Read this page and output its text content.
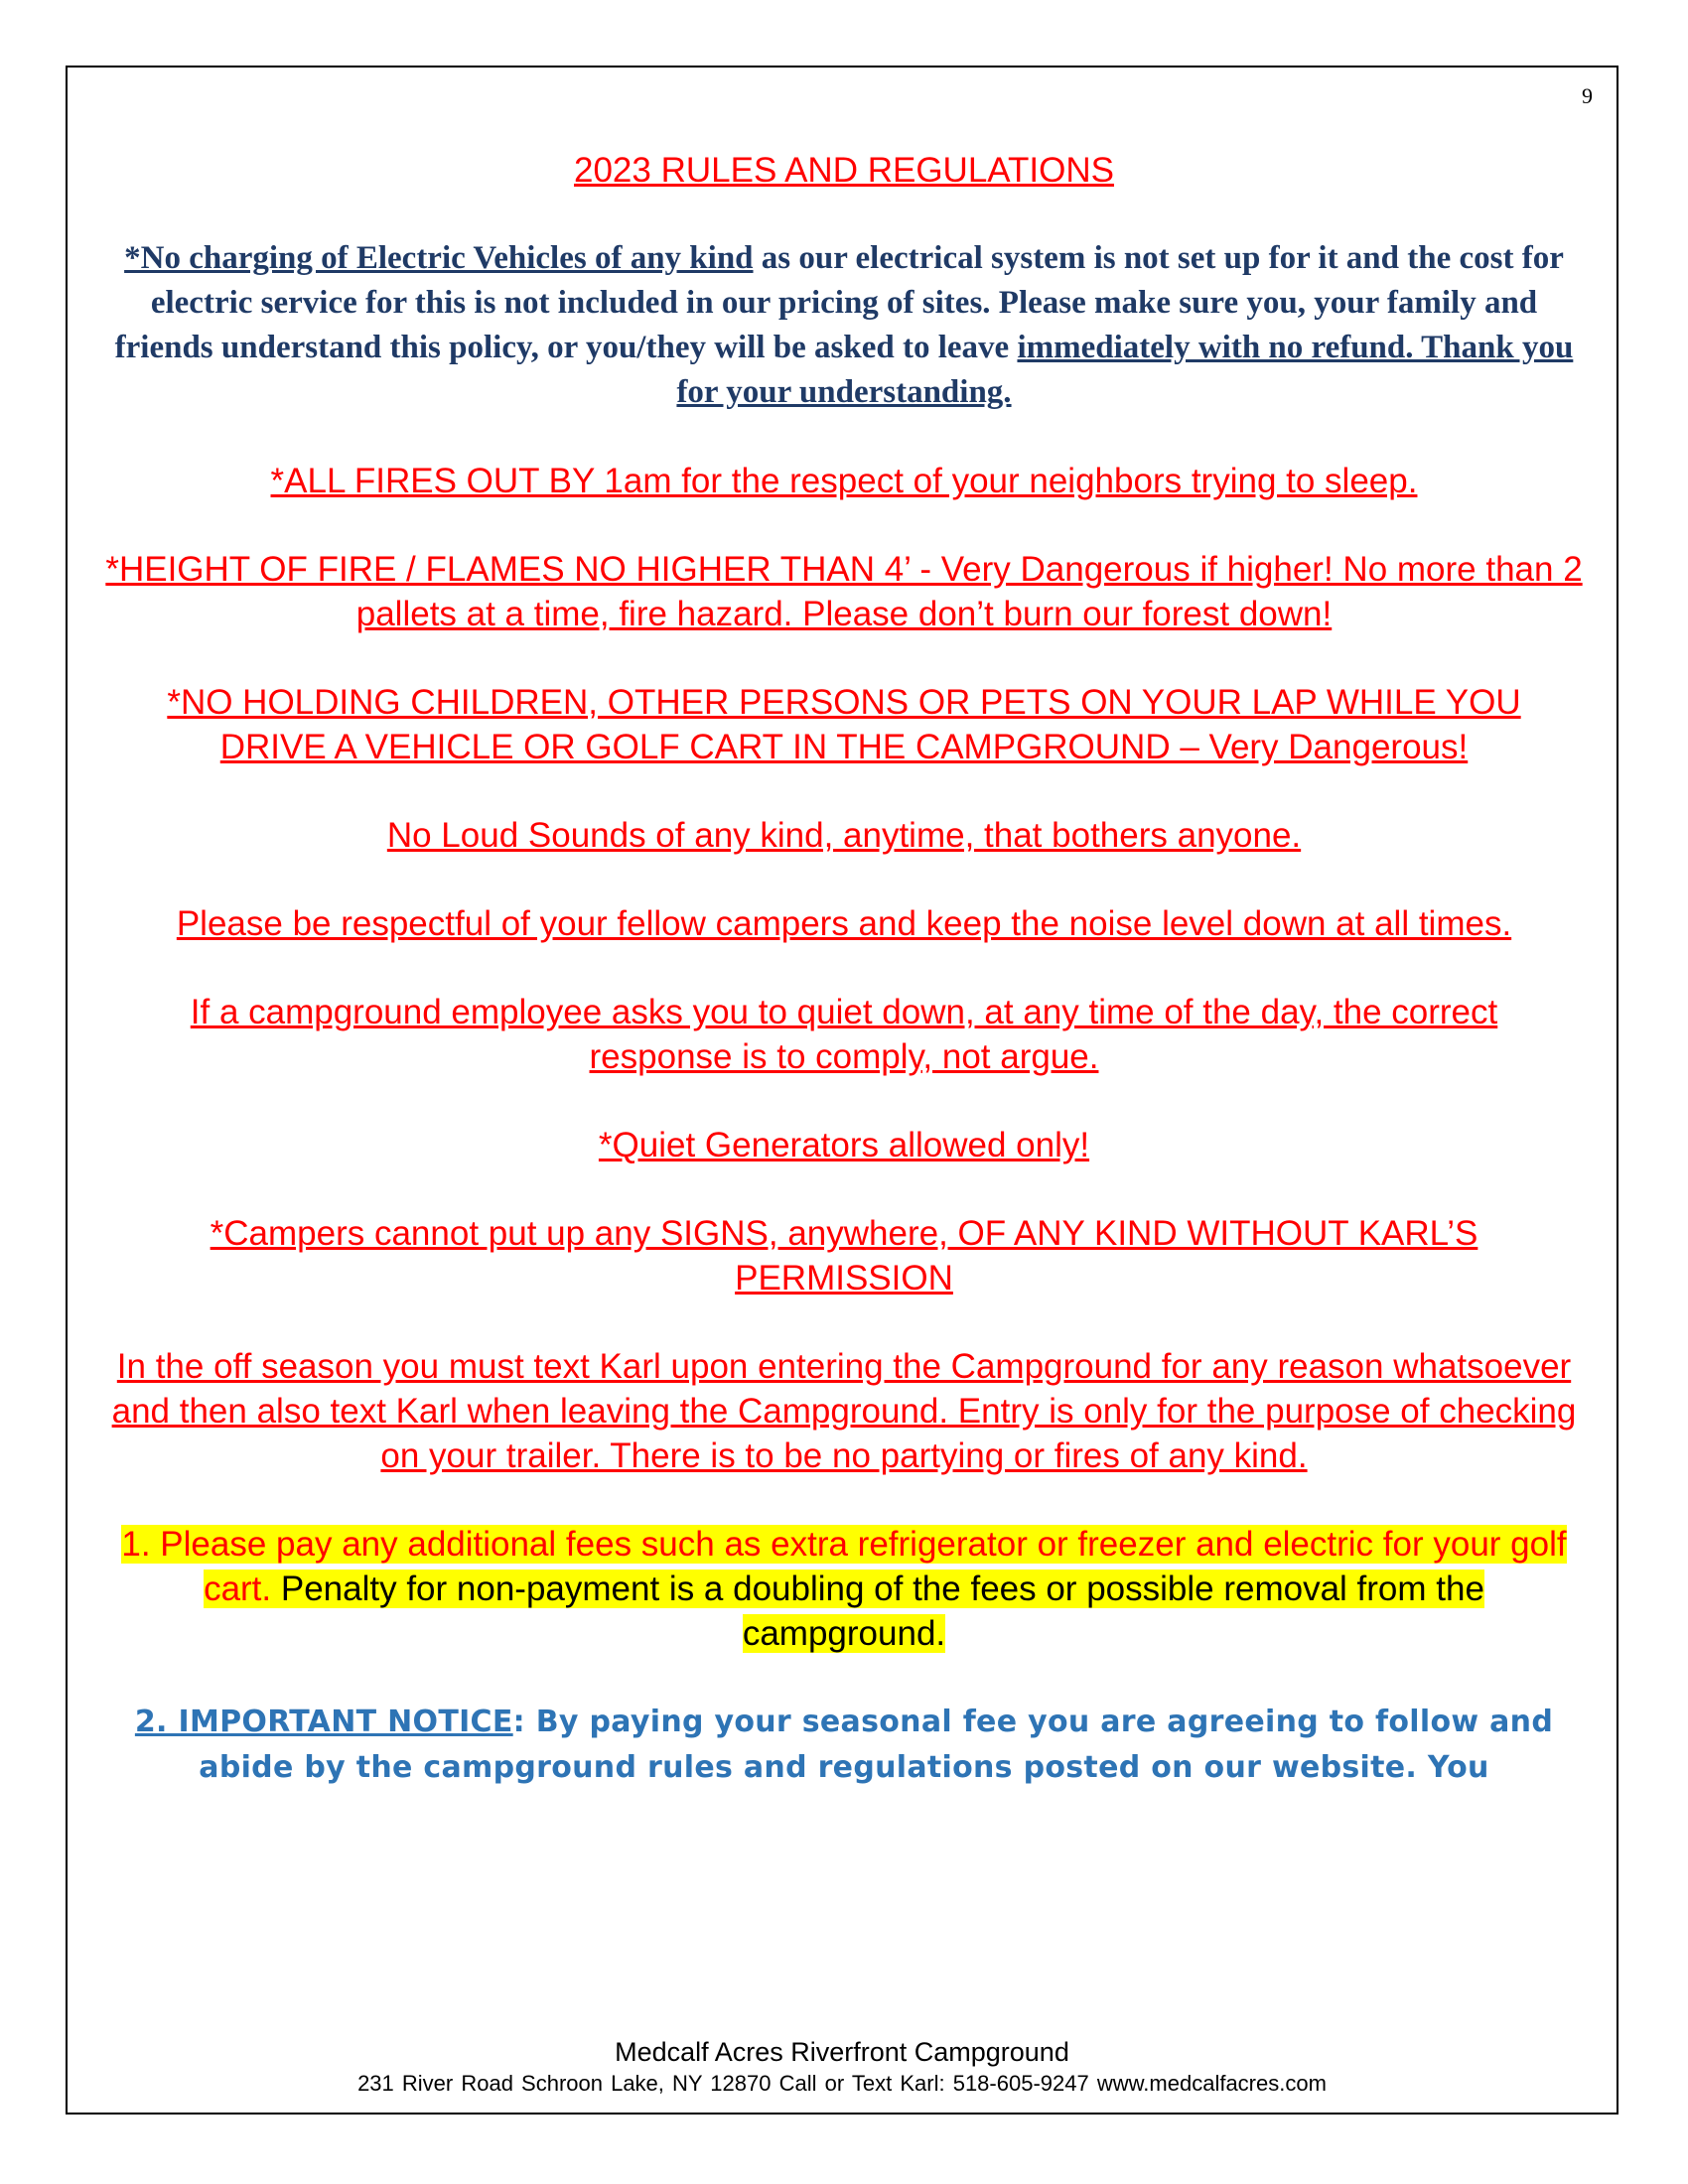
9

2023 RULES AND REGULATIONS

*No charging of Electric Vehicles of any kind as our electrical system is not set up for it and the cost for electric service for this is not included in our pricing of sites. Please make sure you, your family and friends understand this policy, or you/they will be asked to leave immediately with no refund. Thank you for your understanding.

*ALL FIRES OUT BY 1am for the respect of your neighbors trying to sleep.

*HEIGHT OF FIRE / FLAMES NO HIGHER THAN 4’ - Very Dangerous if higher! No more than 2 pallets at a time, fire hazard. Please don’t burn our forest down!

*NO HOLDING CHILDREN, OTHER PERSONS OR PETS ON YOUR LAP WHILE YOU DRIVE A VEHICLE OR GOLF CART IN THE CAMPGROUND – Very Dangerous!

No Loud Sounds of any kind, anytime, that bothers anyone.

Please be respectful of your fellow campers and keep the noise level down at all times.

If a campground employee asks you to quiet down, at any time of the day, the correct response is to comply, not argue.

*Quiet Generators allowed only!

*Campers cannot put up any SIGNS, anywhere, OF ANY KIND WITHOUT KARL’S PERMISSION

In the off season you must text Karl upon entering the Campground for any reason whatsoever and then also text Karl when leaving the Campground. Entry is only for the purpose of checking on your trailer. There is to be no partying or fires of any kind.

1. Please pay any additional fees such as extra refrigerator or freezer and electric for your golf cart. Penalty for non-payment is a doubling of the fees or possible removal from the campground.

2. IMPORTANT NOTICE: By paying your seasonal fee you are agreeing to follow and abide by the campground rules and regulations posted on our website. You

Medcalf Acres Riverfront Campground
231 River Road Schroon Lake, NY 12870 Call or Text Karl: 518-605-9247 www.medcalfacres.com
